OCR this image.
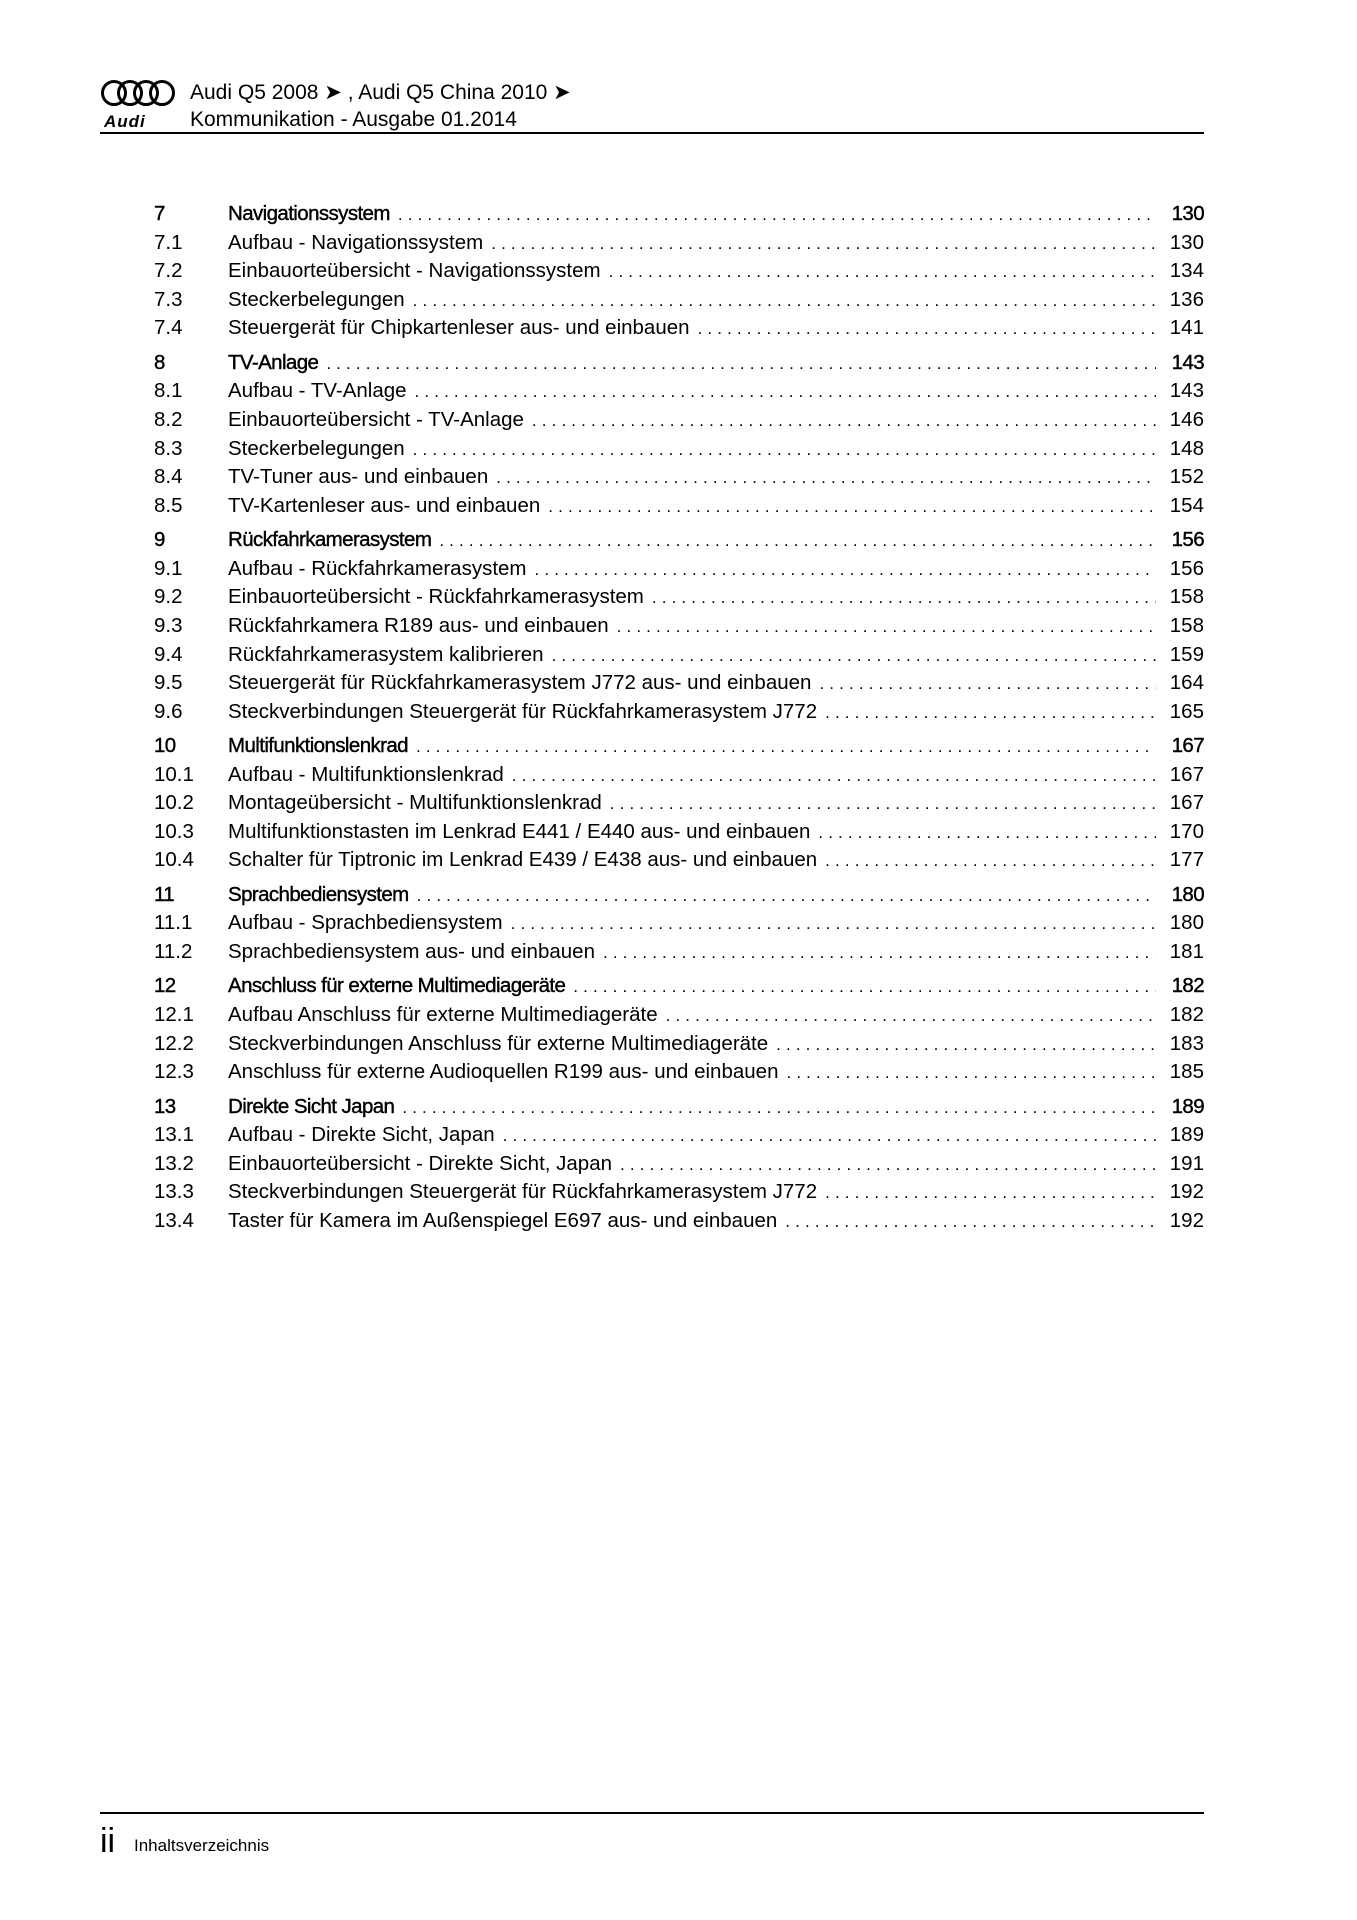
Audi
Audi Q5 2008 ➤ , Audi Q5 China 2010 ➤
Kommunikation - Ausgabe 01.2014
7	Navigationssystem . . .	130
7.1	Aufbau - Navigationssystem . . .	130
7.2	Einbauorteübersicht - Navigationssystem . . .	134
7.3	Steckerbelegungen . . .	136
7.4	Steuergerät für Chipkartenleser aus- und einbauen . . .	141
8	TV-Anlage . . .	143
8.1	Aufbau - TV-Anlage . . .	143
8.2	Einbauorteübersicht - TV-Anlage . . .	146
8.3	Steckerbelegungen . . .	148
8.4	TV-Tuner aus- und einbauen . . .	152
8.5	TV-Kartenleser aus- und einbauen . . .	154
9	Rückfahrkamerasystem . . .	156
9.1	Aufbau - Rückfahrkamerasystem . . .	156
9.2	Einbauorteübersicht - Rückfahrkamerasystem . . .	158
9.3	Rückfahrkamera R189 aus- und einbauen . . .	158
9.4	Rückfahrkamerasystem kalibrieren . . .	159
9.5	Steuergerät für Rückfahrkamerasystem J772 aus- und einbauen . . .	164
9.6	Steckverbindungen Steuergerät für Rückfahrkamerasystem J772 . . .	165
10	Multifunktionslenkrad . . .	167
10.1	Aufbau - Multifunktionslenkrad . . .	167
10.2	Montageübersicht - Multifunktionslenkrad . . .	167
10.3	Multifunktionstasten im Lenkrad E441 / E440 aus- und einbauen . . .	170
10.4	Schalter für Tiptronic im Lenkrad E439 / E438 aus- und einbauen . . .	177
11	Sprachbediensystem . . .	180
11.1	Aufbau - Sprachbediensystem . . .	180
11.2	Sprachbediensystem aus- und einbauen . . .	181
12	Anschluss für externe Multimediageräte . . .	182
12.1	Aufbau Anschluss für externe Multimediageräte . . .	182
12.2	Steckverbindungen Anschluss für externe Multimediageräte . . .	183
12.3	Anschluss für externe Audioquellen R199 aus- und einbauen . . .	185
13	Direkte Sicht Japan . . .	189
13.1	Aufbau - Direkte Sicht, Japan . . .	189
13.2	Einbauorteübersicht - Direkte Sicht, Japan . . .	191
13.3	Steckverbindungen Steuergerät für Rückfahrkamerasystem J772 . . .	192
13.4	Taster für Kamera im Außenspiegel E697 aus- und einbauen . . .	192
ii Inhaltsverzeichnis
